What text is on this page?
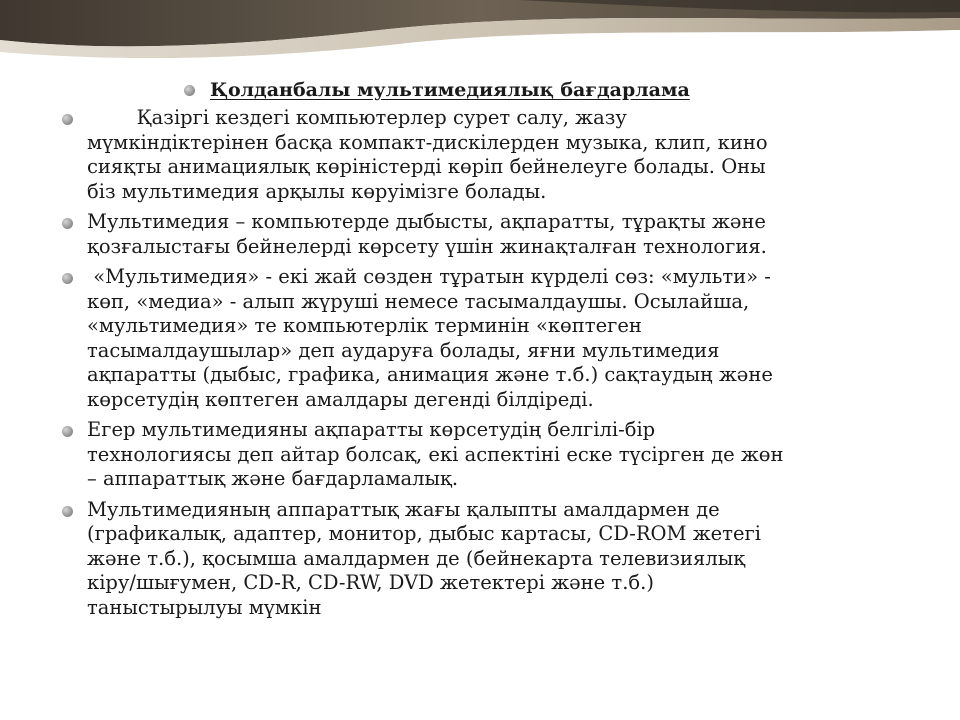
Қолданбалы мультимедиялық бағдарлама
Қазіргі кездегі компьютерлер сурет салу, жазу
мүмкіндіктерінен басқа компакт-дискілерден музыка, клип, кино
сияқты анимациялық көріністерді көріп бейнелеуге болады. Оны
біз мультимедия арқылы көруімізге болады.
Мультимедия – компьютерде дыбысты, ақпаратты, тұрақты және
қозғалыстағы бейнелерді көрсету үшін жинақталған технология.
«Мультимедия» - екі жай сөзден тұратын күрделі сөз: «мульти» -
көп, «медиа» - алып жүруші немесе тасымалдаушы. Осылайша,
«мультимедия» те компьютерлік терминін «көптеген
тасымалдаушылар» деп аударуға болады, яғни мультимедия
ақпаратты (дыбыс, графика, анимация және т.б.) сақтаудың және
көрсетудің көптеген амалдары дегенді білдіреді.
Егер мультимедияны ақпаратты көрсетудің белгілі-бір
технологиясы деп айтар болсақ, екі аспектіні еске түсірген де жөн
– аппараттық және бағдарламалық.
Мультимедияның аппараттық жағы қалыпты амалдармен де
(графикалық, адаптер, монитор, дыбыс картасы, CD-ROM жетегі
және т.б.), қосымша амалдармен де (бейнекарта телевизиялық
кіру/шығумен, CD-R, CD-RW, DVD жетектері және т.б.)
таныстырылуы мүмкін
